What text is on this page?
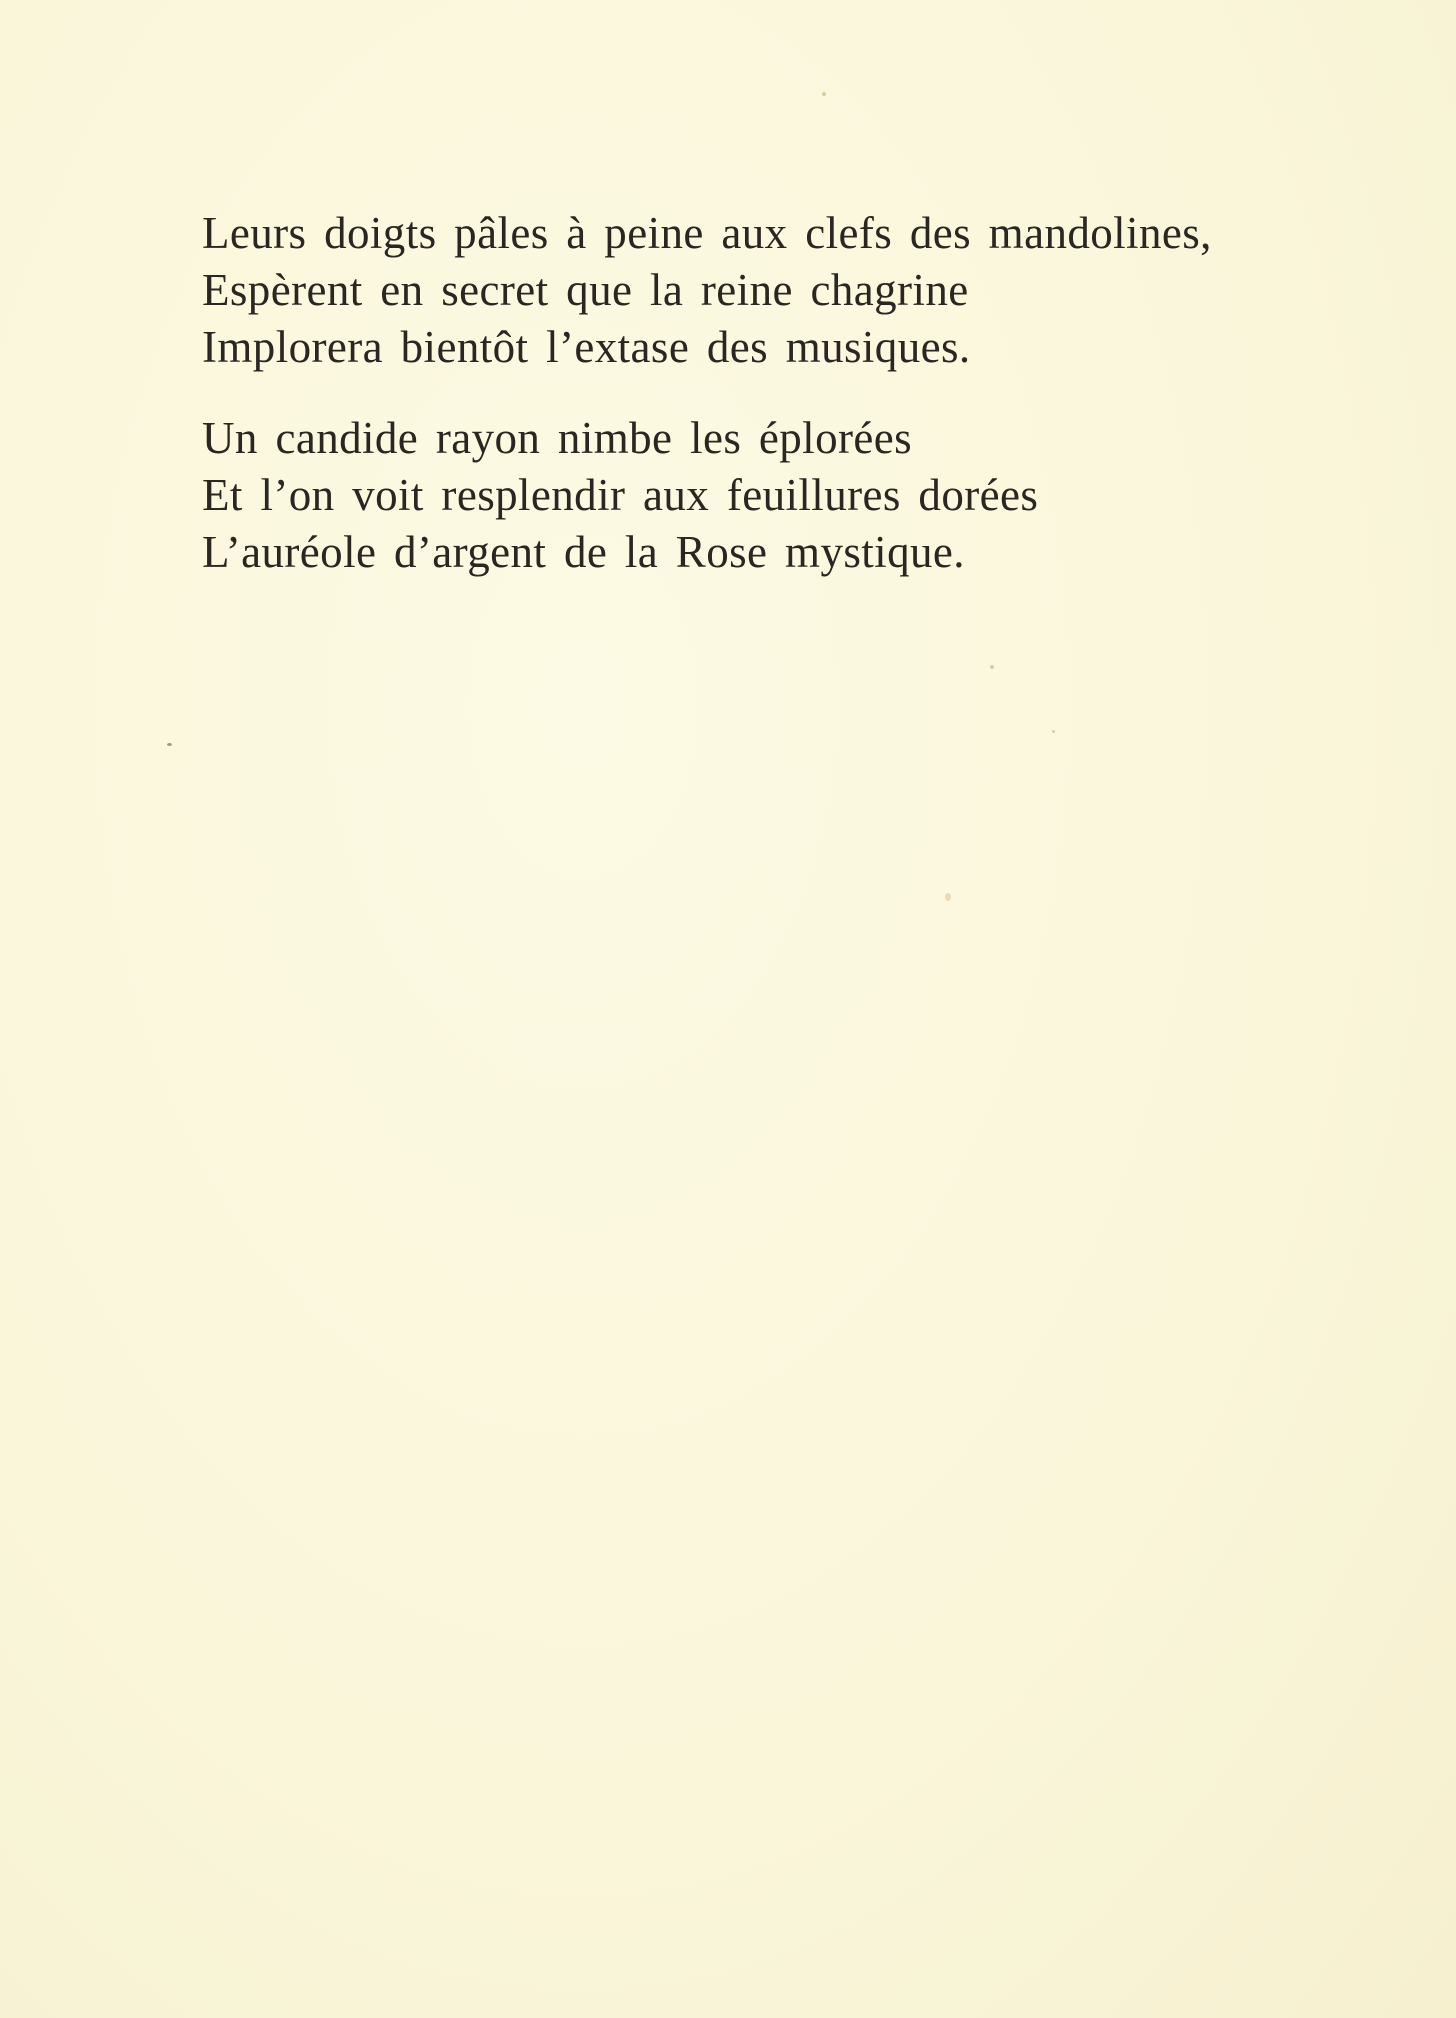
Leurs doigts pâles à peine aux clefs des mandolines,
Espèrent en secret que la reine chagrine
Implorera bientôt l’extase des musiques.
Un candide rayon nimbe les éplorées
Et l’on voit resplendir aux feuillures dorées
L’auréole d’argent de la Rose mystique.
